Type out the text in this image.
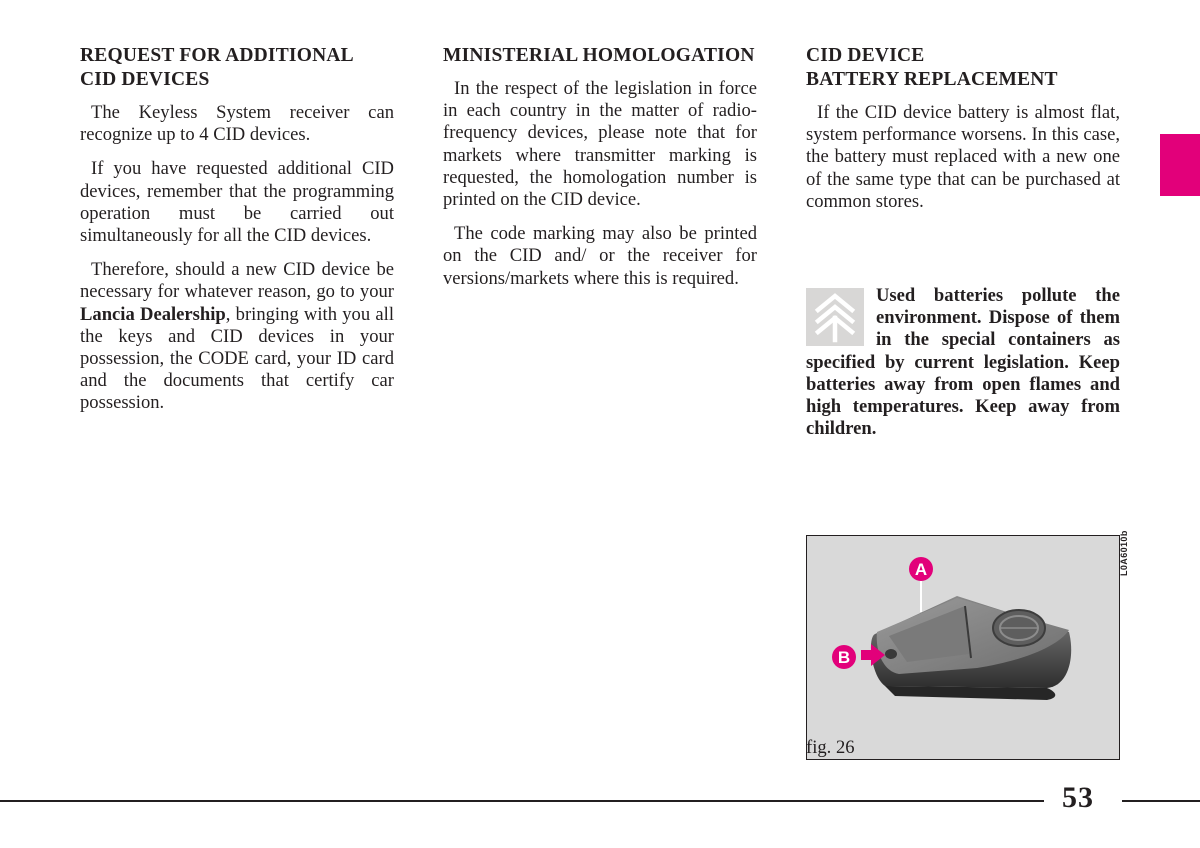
REQUEST FOR ADDITIONAL
CID DEVICES

The Keyless System receiver can recognize up to 4 CID devices.

If you have requested additional CID devices, remember that the programming operation must be carried out simultaneously for all the CID devices.

Therefore, should a new CID device be necessary for whatever reason, go to your Lancia Dealership, bringing with you all the keys and CID devices in your possession, the CODE card, your ID card and the documents that certify car possession.

MINISTERIAL HOMOLOGATION

In the respect of the legislation in force in each country in the matter of radio-frequency devices, please note that for markets where transmitter marking is requested, the homologation number is printed on the CID device.

The code marking may also be printed on the CID and/ or the receiver for versions/markets where this is required.

CID DEVICE
BATTERY REPLACEMENT

If the CID device battery is almost flat, system performance worsens. In this case, the battery must replaced with a new one of the same type that can be purchased at common stores.

Used batteries pollute the environment. Dispose of them in the special containers as specified by current legislation. Keep batteries away from open flames and high temperatures. Keep away from children.
A
B
L0A6010b
fig. 26
53
